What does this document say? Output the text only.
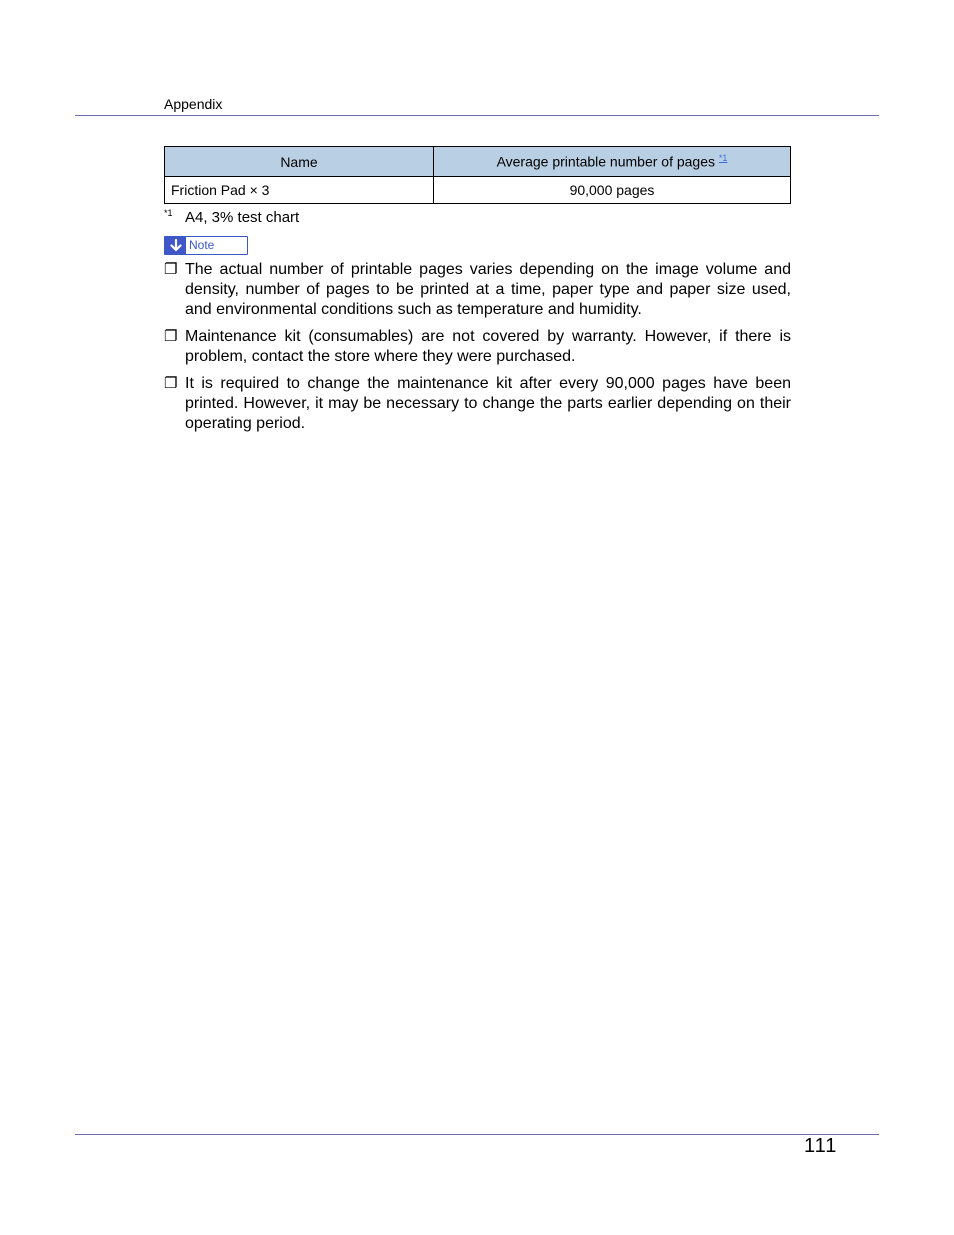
Appendix
Name	Average printable number of pages $^{*1}$
Friction Pad × 3	90,000 pages
*1 A4, 3% test chart
Note
❐ The actual number of printable pages varies depending on the image volume and density, number of pages to be printed at a time, paper type and paper size used, and environmental conditions such as temperature and humidity.
❐ Maintenance kit (consumables) are not covered by warranty. However, if there is problem, contact the store where they were purchased.
❐ It is required to change the maintenance kit after every 90,000 pages have been printed. However, it may be necessary to change the parts earlier depending on their operating period.
111
